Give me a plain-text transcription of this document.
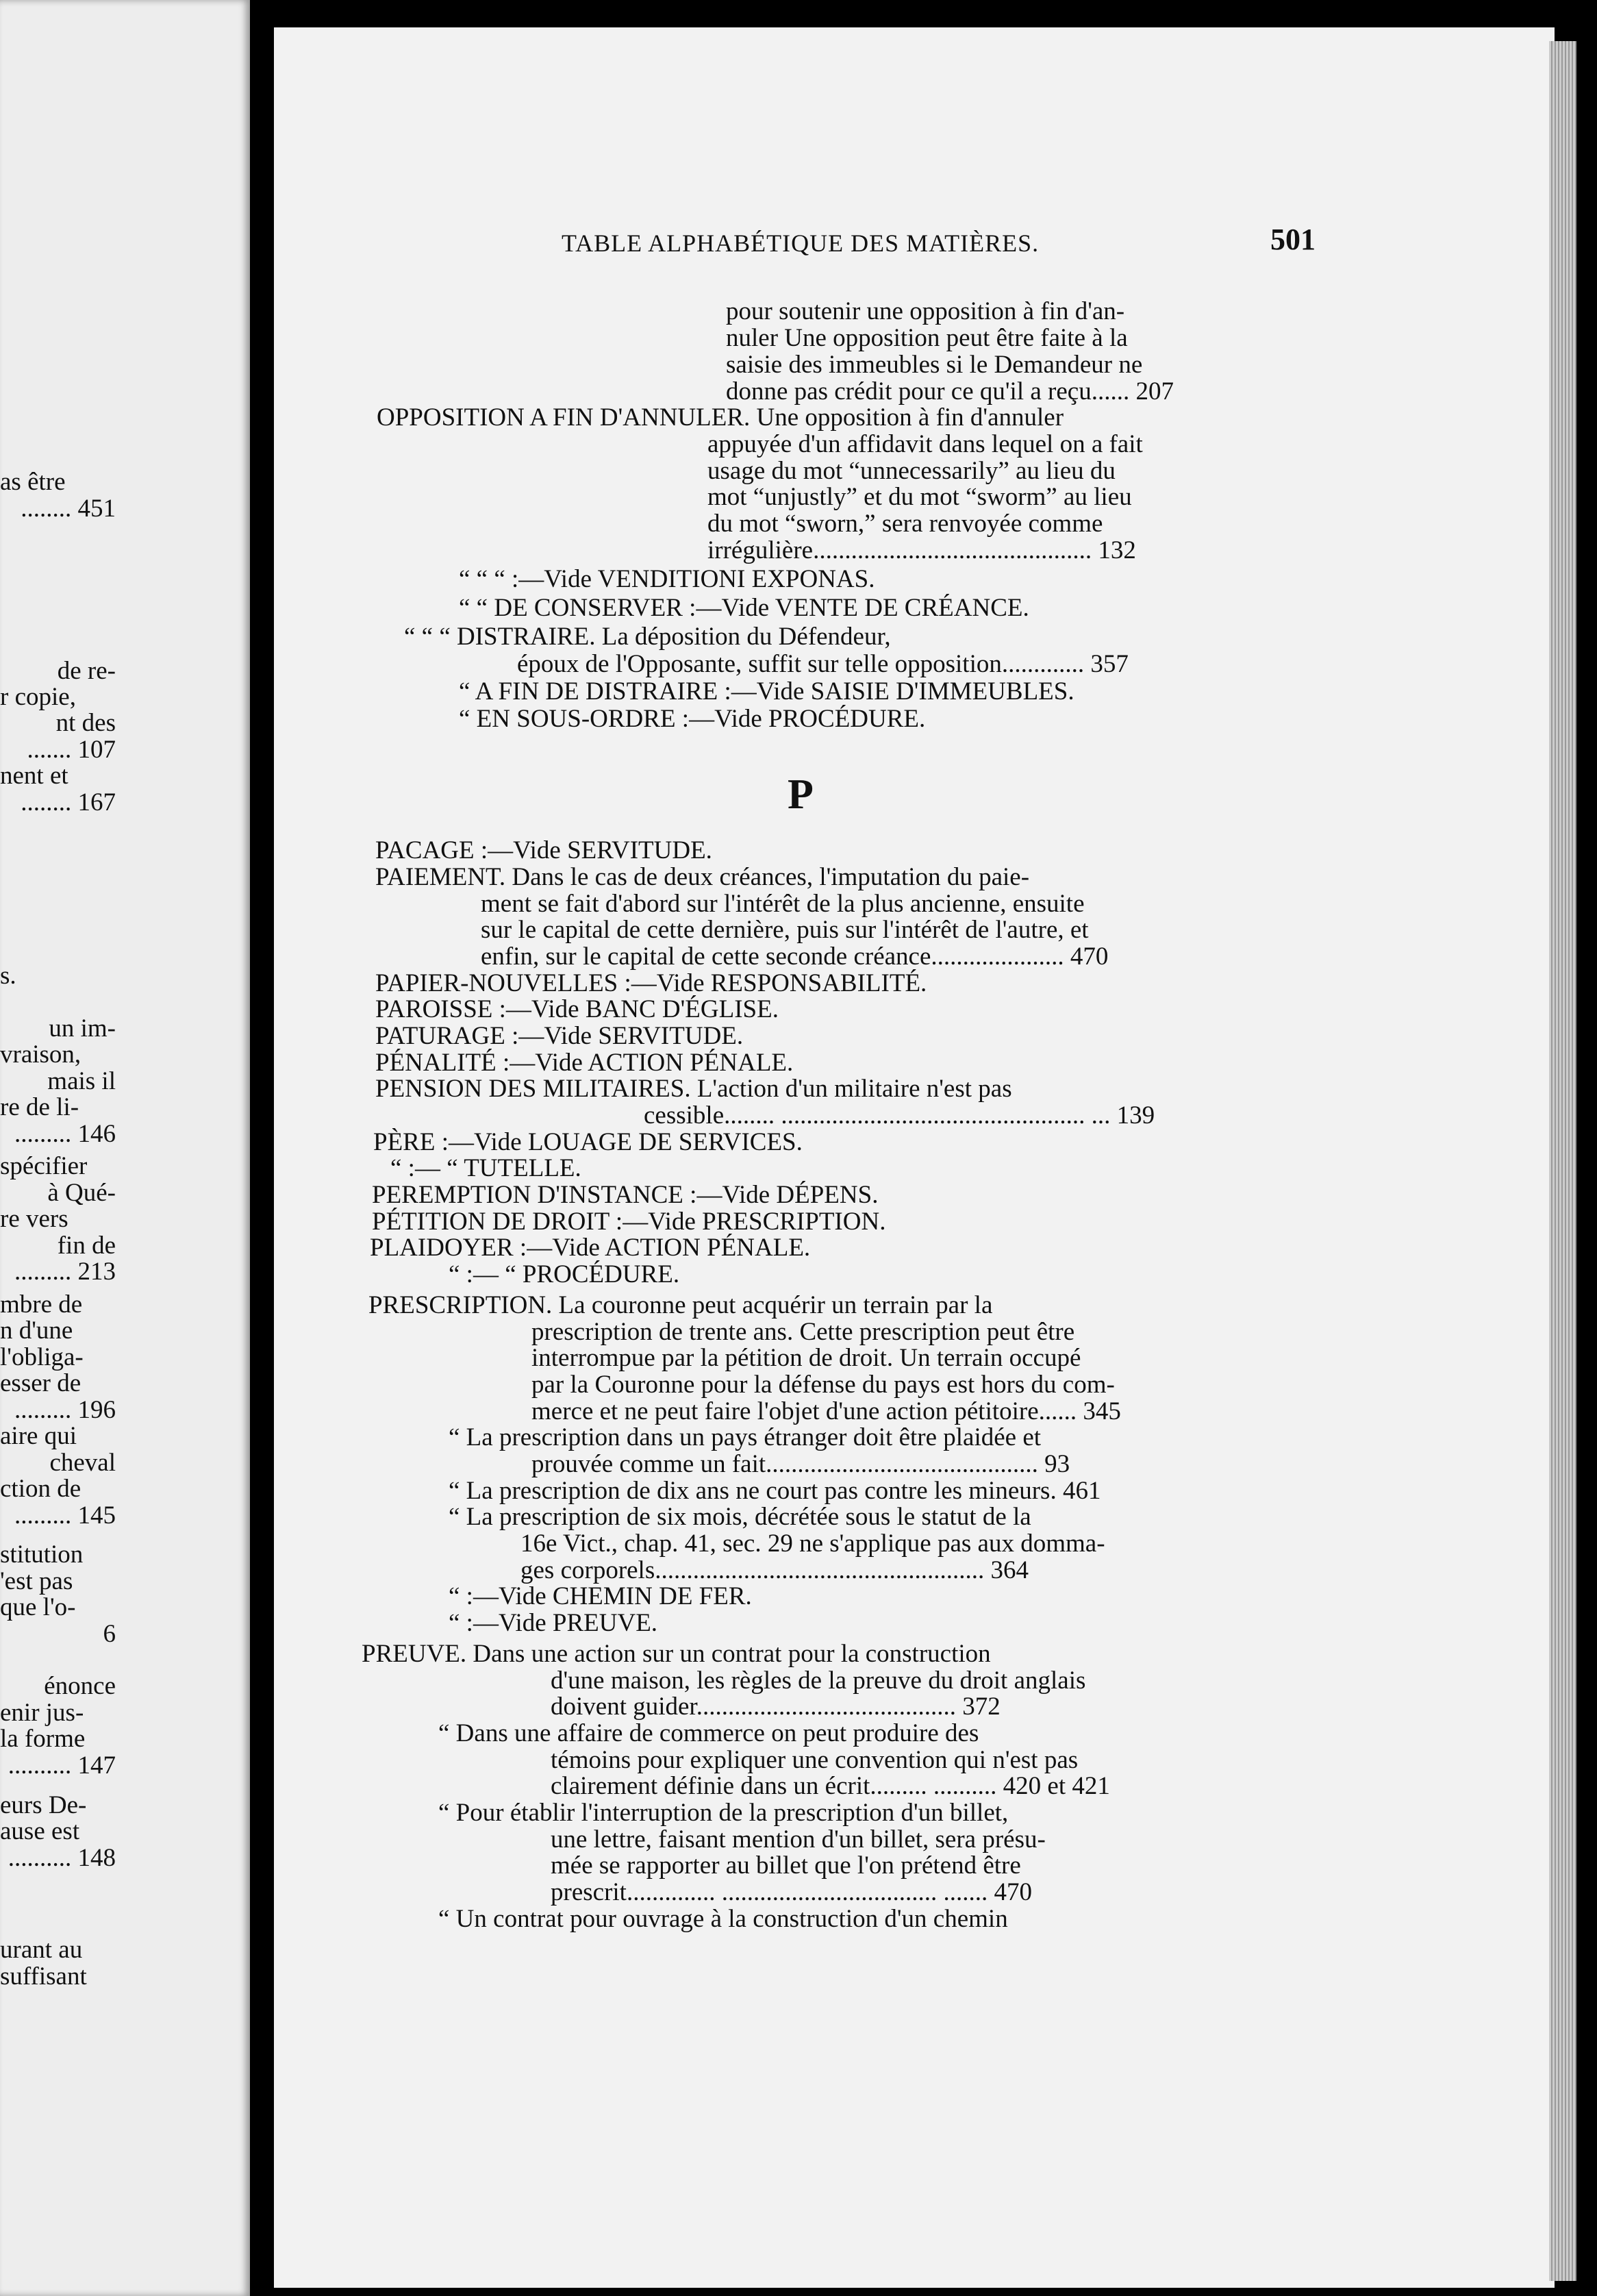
as être
........ 451
de re-
r copie,
nt des
....... 107
nent et
........ 167
s.
un im-
vraison,
mais il
re de li-
......... 146
spécifier
à Qué-
re vers
fin de
......... 213
mbre de
n d'une
l'obliga-
esser de
......... 196
aire qui
cheval
ction de
......... 145
stitution
'est pas
que l'o-
6
énonce
enir jus-
la forme
.......... 147
eurs De-
ause est
.......... 148
urant au
suffisant
TABLE ALPHABÉTIQUE DES MATIÈRES.	501
P
pour soutenir une opposition à fin d'an-
nuler Une opposition peut être faite à la
saisie des immeubles si le Demandeur ne
donne pas crédit pour ce qu'il a reçu...... 207
OPPOSITION A FIN D'ANNULER. Une opposition à fin d'annuler
appuyée d'un affidavit dans lequel on a fait
usage du mot “unnecessarily” au lieu du
mot “unjustly” et du mot “sworm” au lieu
du mot “sworn,” sera renvoyée comme
irrégulière............................................ 132
“ “ “ :—Vide VENDITIONI EXPONAS.
“ “ DE CONSERVER :—Vide VENTE DE CRÉANCE.
“ “ “ DISTRAIRE. La déposition du Défendeur,
époux de l'Opposante, suffit sur telle opposition............. 357
“ A FIN DE DISTRAIRE :—Vide SAISIE D'IMMEUBLES.
“ EN SOUS-ORDRE :—Vide PROCÉDURE.
PACAGE :—Vide SERVITUDE.
PAIEMENT. Dans le cas de deux créances, l'imputation du paie-
ment se fait d'abord sur l'intérêt de la plus ancienne, ensuite
sur le capital de cette dernière, puis sur l'intérêt de l'autre, et
enfin, sur le capital de cette seconde créance..................... 470
PAPIER-NOUVELLES :—Vide RESPONSABILITÉ.
PAROISSE :—Vide BANC D'ÉGLISE.
PATURAGE :—Vide SERVITUDE.
PÉNALITÉ :—Vide ACTION PÉNALE.
PENSION DES MILITAIRES. L'action d'un militaire n'est pas
cessible........ ................................................ ... 139
PÈRE :—Vide LOUAGE DE SERVICES.
“ :— “ TUTELLE.
PEREMPTION D'INSTANCE :—Vide DÉPENS.
PÉTITION DE DROIT :—Vide PRESCRIPTION.
PLAIDOYER :—Vide ACTION PÉNALE.
“ :— “ PROCÉDURE.
PRESCRIPTION. La couronne peut acquérir un terrain par la
prescription de trente ans. Cette prescription peut être
interrompue par la pétition de droit. Un terrain occupé
par la Couronne pour la défense du pays est hors du com-
merce et ne peut faire l'objet d'une action pétitoire...... 345
“ La prescription dans un pays étranger doit être plaidée et
prouvée comme un fait........................................... 93
“ La prescription de dix ans ne court pas contre les mineurs. 461
“ La prescription de six mois, décrétée sous le statut de la
16e Vict., chap. 41, sec. 29 ne s'applique pas aux domma-
ges corporels.................................................... 364
“ :—Vide CHEMIN DE FER.
“ :—Vide PREUVE.
PREUVE. Dans une action sur un contrat pour la construction
d'une maison, les règles de la preuve du droit anglais
doivent guider......................................... 372
“ Dans une affaire de commerce on peut produire des
témoins pour expliquer une convention qui n'est pas
clairement définie dans un écrit......... .......... 420 et 421
“ Pour établir l'interruption de la prescription d'un billet,
une lettre, faisant mention d'un billet, sera présu-
mée se rapporter au billet que l'on prétend être
prescrit.............. .................................. ....... 470
“ Un contrat pour ouvrage à la construction d'un chemin
